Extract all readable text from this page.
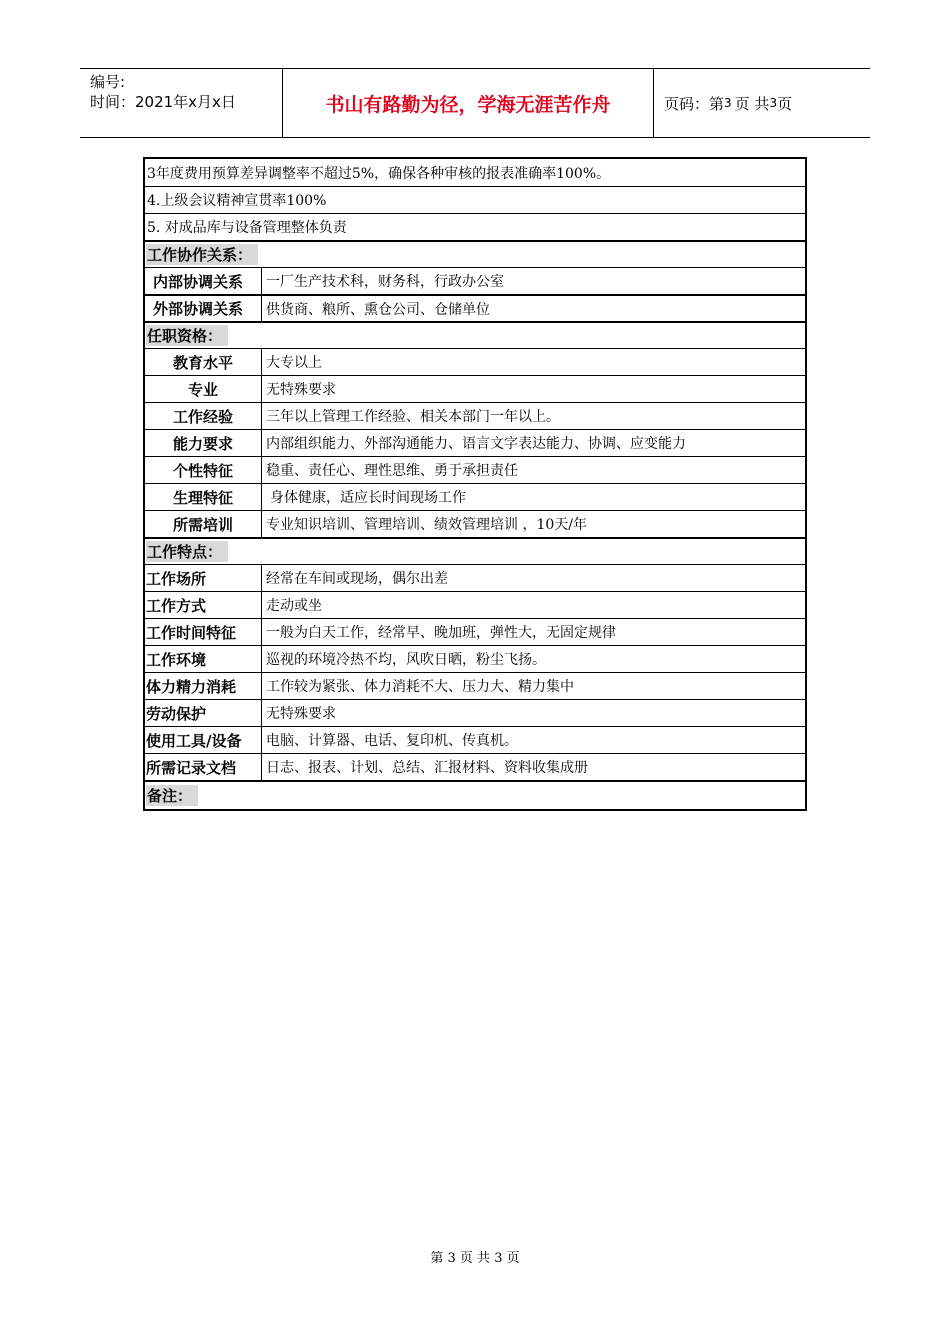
编号:
时间：2021年x月x日	书山有路勤为径，学海无涯苦作舟	页码：第 3 页 共 3 页
3年度费用预算差异调整率不超过5%，确保各种审核的报表准确率100%。
4.上级会议精神宣贯率100%
5. 对成品库与设备管理整体负责
工作协作关系：
内部协调关系 一厂生产技术科，财务科，行政办公室
外部协调关系 供货商、粮所、熏仓公司、仓储单位
任职资格：
教育水平	大专以上
专业	无特殊要求
工作经验	三年以上管理工作经验、相关本部门一年以上。
能力要求	内部组织能力、外部沟通能力、语言文字表达能力、协调、应变能力
个性特征	稳重、责任心、理性思维、勇于承担责任
生理特征	身体健康，适应长时间现场工作
所需培训	专业知识培训、管理培训、绩效管理培训 ，10天/年
工作特点：
工作场所	经常在车间或现场，偶尔出差
工作方式	走动或坐
工作时间特征 一般为白天工作，经常早、晚加班，弹性大，无固定规律
工作环境	巡视的环境冷热不均，风吹日晒，粉尘飞扬。
体力精力消耗 工作较为紧张、体力消耗不大、压力大、精力集中
劳动保护	无特殊要求
使用工具/设备 电脑、计算器、电话、复印机、传真机。
所需记录文档 日志、报表、计划、总结、汇报材料、资料收集成册
备注：
第 3 页 共 3 页
